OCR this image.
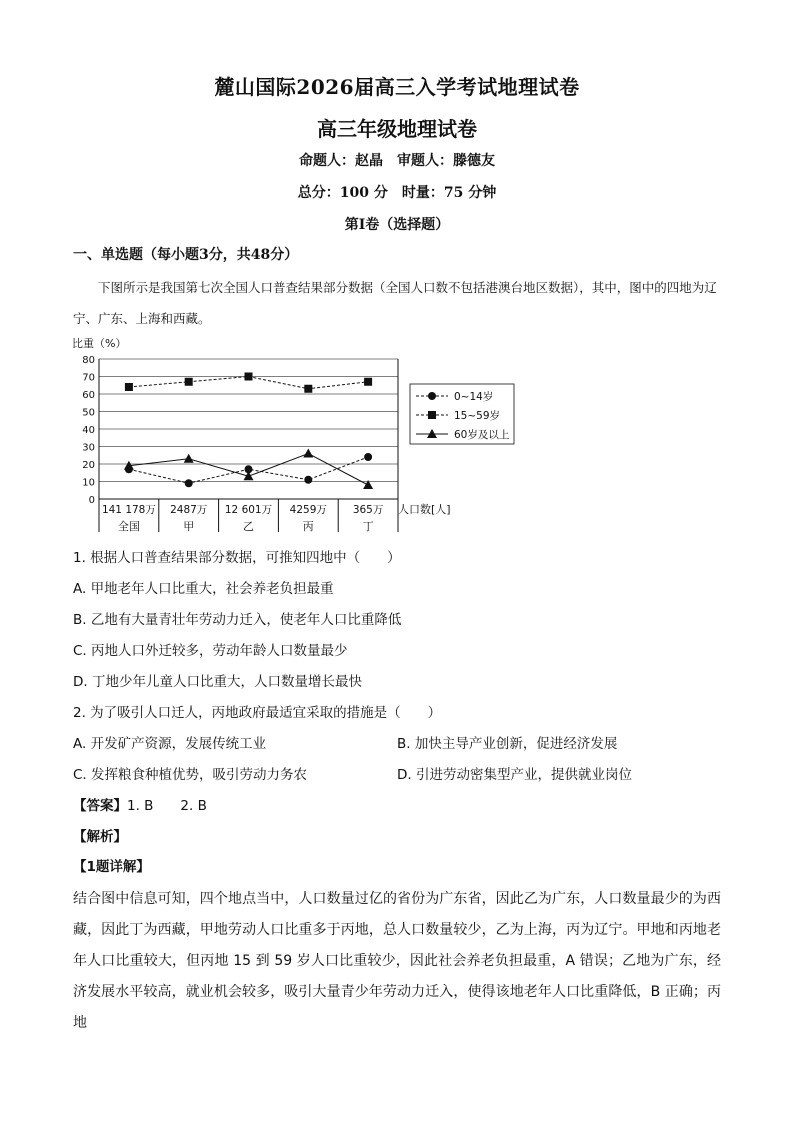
麓山国际2026届高三入学考试地理试卷
高三年级地理试卷
命题人：赵晶　审题人：滕德友
总分：100 分　时量：75 分钟
第Ⅰ卷（选择题）
一、单选题（每小题3分，共48分）
下图所示是我国第七次全国人口普查结果部分数据（全国人口数不包括港澳台地区数据），其中，图中的四地为辽宁、广东、上海和西藏。
比重（%）
0
10
20
30
40
50
60
70
80
141 178万
全国
2487万
甲
12 601万
乙
4259万
丙
365万
丁
0~14岁
15~59岁
60岁及以上
人口数[人]
1. 根据人口普查结果部分数据，可推知四地中（　　）
A. 甲地老年人口比重大，社会养老负担最重
B. 乙地有大量青壮年劳动力迁入，使老年人口比重降低
C. 丙地人口外迁较多，劳动年龄人口数量最少
D. 丁地少年儿童人口比重大，人口数量增长最快
2. 为了吸引人口迁人，丙地政府最适宜采取的措施是（　　）
A. 开发矿产资源，发展传统工业	B. 加快主导产业创新，促进经济发展
C. 发挥粮食种植优势，吸引劳动力务农	D. 引进劳动密集型产业，提供就业岗位
【答案】1. B　　2. B
【解析】
【1题详解】

结合图中信息可知，四个地点当中，人口数量过亿的省份为广东省，因此乙为广东，人口数量最少的为西藏，因此丁为西藏，甲地劳动人口比重多于丙地，总人口数量较少，乙为上海，丙为辽宁。甲地和丙地老年人口比重较大，但丙地 15 到 59 岁人口比重较少，因此社会养老负担最重，A 错误；乙地为广东，经济发展水平较高，就业机会较多，吸引大量青少年劳动力迁入，使得该地老年人口比重降低，B 正确；丙地
